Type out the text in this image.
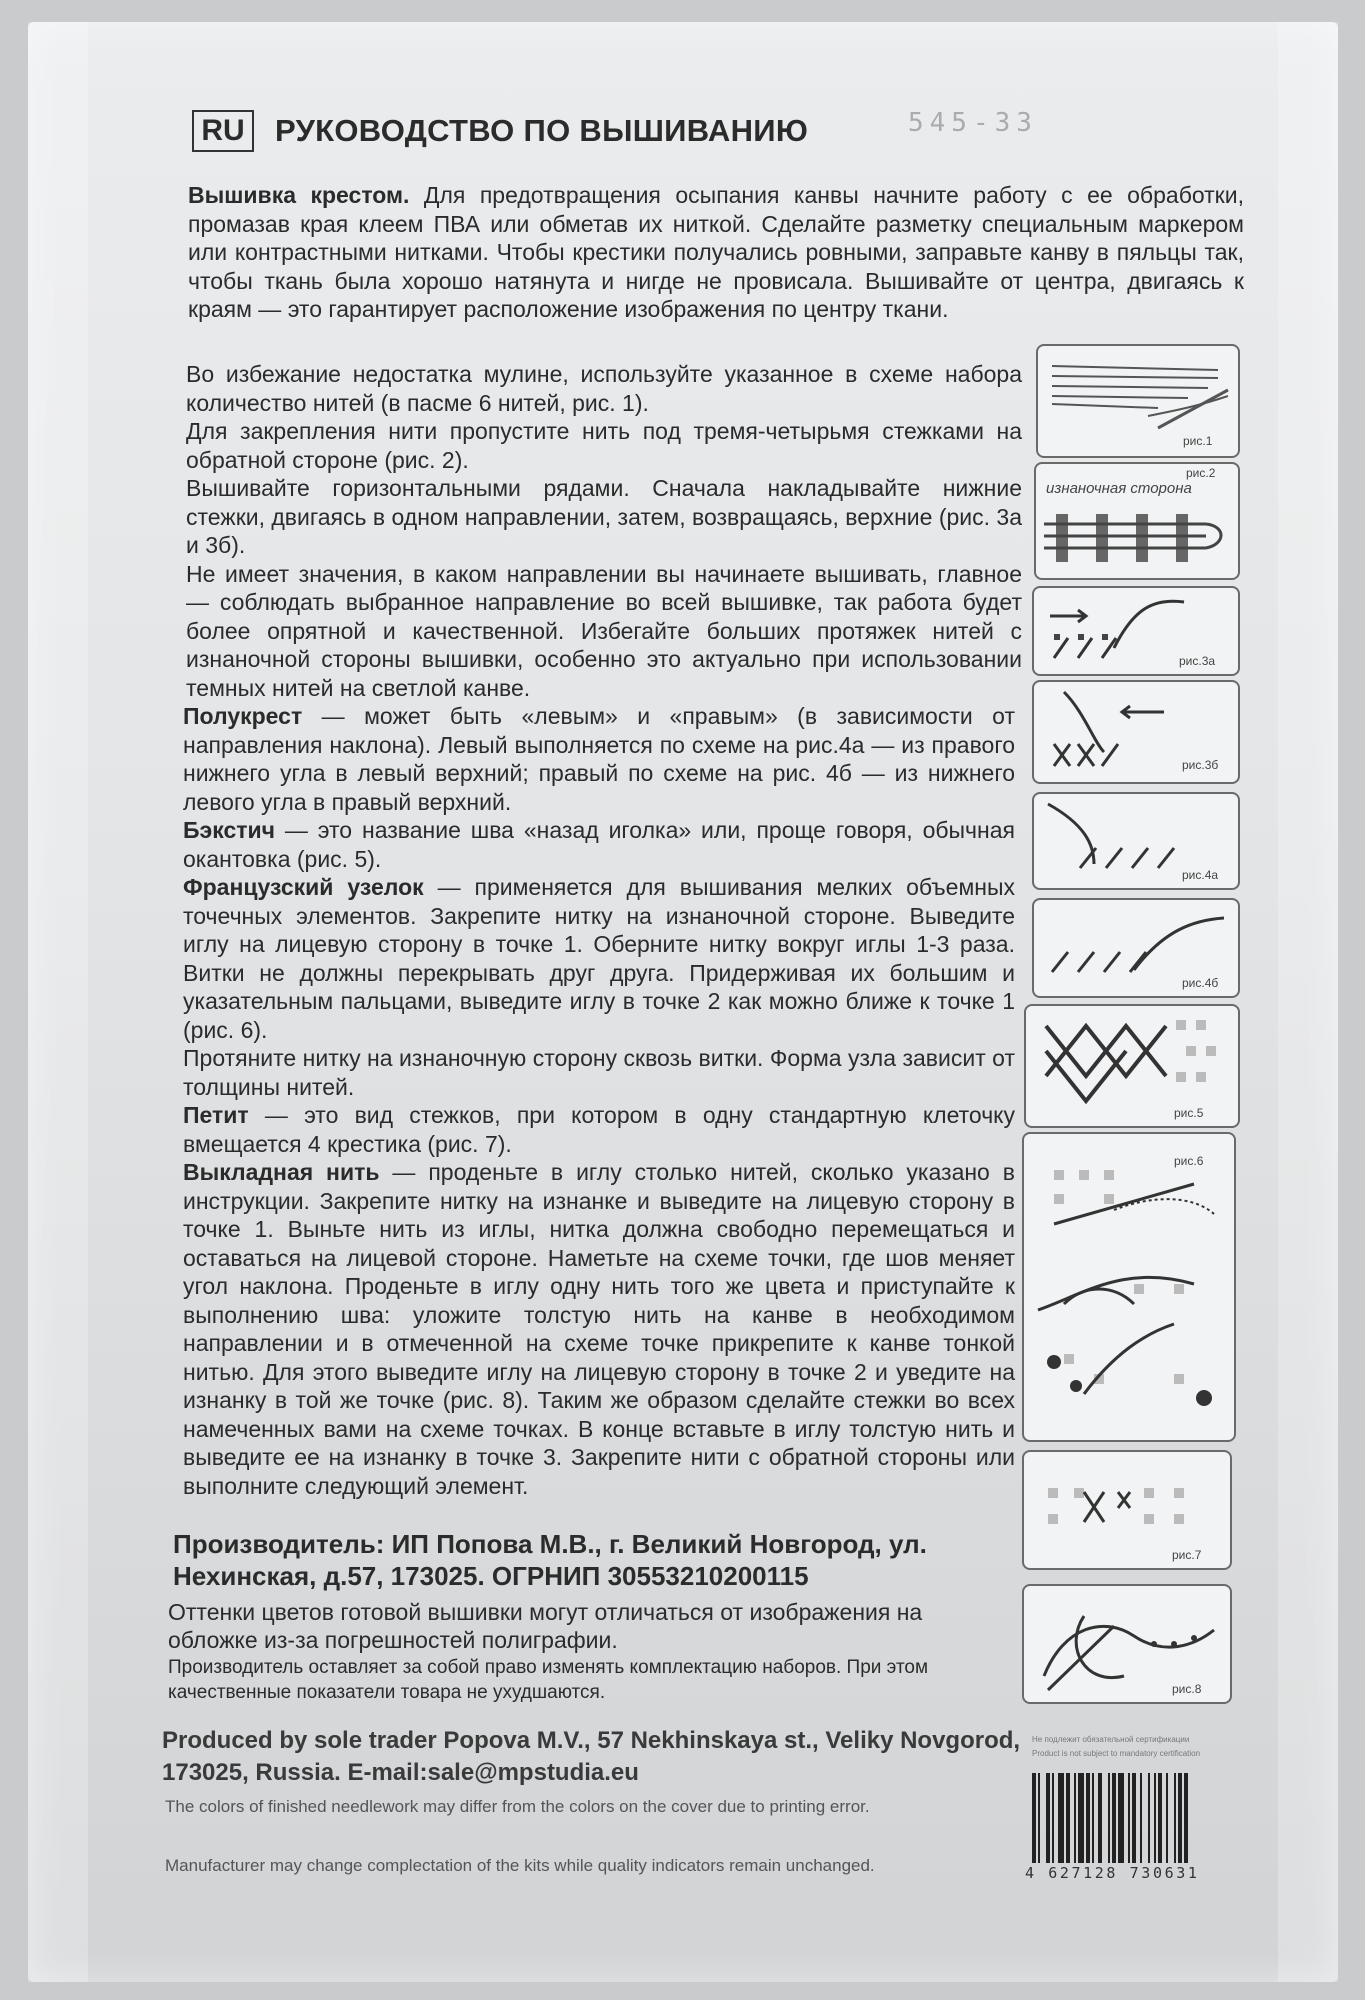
RU РУКОВОДСТВО ПО ВЫШИВАНИЮ	545-33

Вышивка крестом. Для предотвращения осыпания канвы начните работу с ее обработки, промазав края клеем ПВА или обметав их ниткой. Сделайте разметку специальным маркером или контрастными нитками. Чтобы крестики получались ровными, заправьте канву в пяльцы так, чтобы ткань была хорошо натянута и нигде не провисала. Вышивайте от центра, двигаясь к краям — это гарантирует расположение изображения по центру ткани.

Во избежание недостатка мулине, используйте указанное в схеме набора количество нитей (в пасме 6 нитей, рис. 1).

Для закрепления нити пропустите нить под тремя-четырьмя стежками на обратной стороне (рис. 2).

Вышивайте горизонтальными рядами. Сначала накладывайте нижние стежки, двигаясь в одном направлении, затем, возвращаясь, верхние (рис. 3а и 3б).

Не имеет значения, в каком направлении вы начинаете вышивать, главное — соблюдать выбранное направление во всей вышивке, так работа будет более опрятной и качественной. Избегайте больших протяжек нитей с изнаночной стороны вышивки, особенно это актуально при использовании темных нитей на светлой канве.

Полукрест — может быть «левым» и «правым» (в зависимости от направления наклона). Левый выполняется по схеме на рис.4а — из правого нижнего угла в левый верхний; правый по схеме на рис. 4б — из нижнего левого угла в правый верхний.

Бэкстич — это название шва «назад иголка» или, проще говоря, обычная окантовка (рис. 5).

Французский узелок — применяется для вышивания мелких объемных точечных элементов. Закрепите нитку на изнаночной стороне. Выведите иглу на лицевую сторону в точке 1. Оберните нитку вокруг иглы 1-3 раза. Витки не должны перекрывать друг друга. Придерживая их большим и указательным пальцами, выведите иглу в точке 2 как можно ближе к точке 1 (рис. 6).

Протяните нитку на изнаночную сторону сквозь витки. Форма узла зависит от толщины нитей.

Петит — это вид стежков, при котором в одну стандартную клеточку вмещается 4 крестика (рис. 7).

Выкладная нить — проденьте в иглу столько нитей, сколько указано в инструкции. Закрепите нитку на изнанке и выведите на лицевую сторону в точке 1. Выньте нить из иглы, нитка должна свободно перемещаться и оставаться на лицевой стороне. Наметьте на схеме точки, где шов меняет угол наклона. Проденьте в иглу одну нить того же цвета и приступайте к выполнению шва: уложите толстую нить на канве в необходимом направлении и в отмеченной на схеме точке прикрепите к канве тонкой нитью. Для этого выведите иглу на лицевую сторону в точке 2 и уведите на изнанку в той же точке (рис. 8). Таким же образом сделайте стежки во всех намеченных вами на схеме точках. В конце вставьте в иглу толстую нить и выведите ее на изнанку в точке 3. Закрепите нити с обратной стороны или выполните следующий элемент.

Производитель: ИП Попова М.В., г. Великий Новгород, ул. Нехинская, д.57, 173025. ОГРНИП 30553210200115
Оттенки цветов готовой вышивки могут отличаться от изображения на обложке из-за погрешностей полиграфии.
Производитель оставляет за собой право изменять комплектацию наборов. При этом качественные показатели товара не ухудшаются.
Produced by sole trader Popova M.V., 57 Nekhinskaya st., Veliky Novgorod, 173025, Russia. E-mail:sale@mpstudia.eu
The colors of finished needlework may differ from the colors on the cover due to printing error.
Manufacturer may change complectation of the kits while quality indicators remain unchanged.
рис.1
рис.2
изнаночная сторона
рис.3а
рис.3б
рис.4а
рис.4б
рис.5
рис.6
рис.7
рис.8
Не подлежит обязательной сертификации
Product is not subject to mandatory certification
4 627128 730631
